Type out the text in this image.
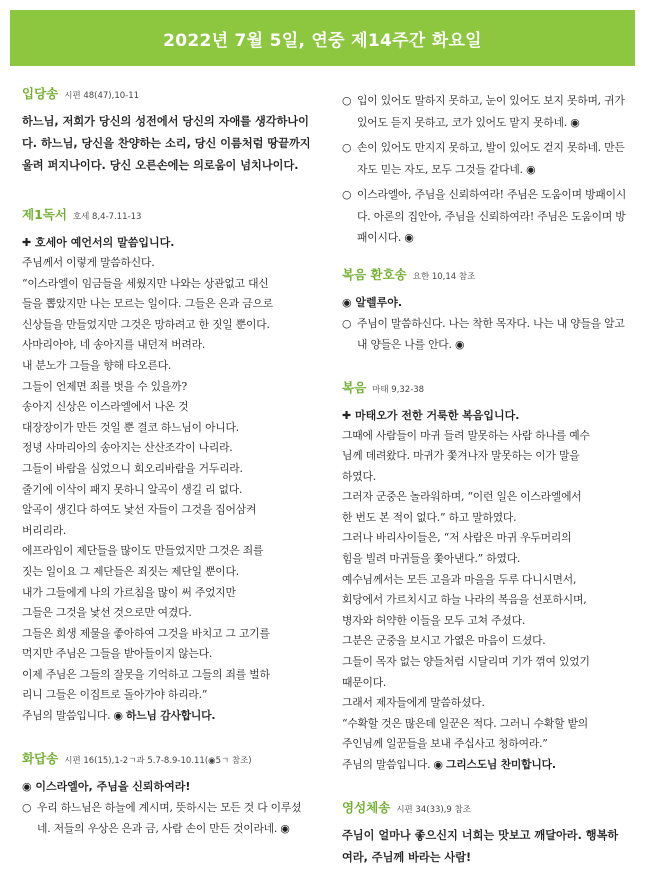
2022년 7월 5일, 연중 제14주간 화요일
입당송 시편 48(47),10-11
하느님, 저희가 당신의 성전에서 당신의 자애를 생각하나이다. 하느님, 당신을 찬양하는 소리, 당신 이름처럼 땅끝까지 울려 퍼지나이다. 당신 오른손에는 의로움이 넘치나이다.
제1독서 호세 8,4-7.11-13
✚ 호세아 예언서의 말씀입니다.
주님께서 이렇게 말씀하신다.
“이스라엘이 임금들을 세웠지만 나와는 상관없고 대신
들을 뽑았지만 나는 모르는 일이다. 그들은 은과 금으로
신상들을 만들었지만 그것은 망하려고 한 짓일 뿐이다.
사마리아야, 네 송아지를 내던져 버려라.
내 분노가 그들을 향해 타오른다.
그들이 언제면 죄를 벗을 수 있을까?
송아지 신상은 이스라엘에서 나온 것
대장장이가 만든 것일 뿐 결코 하느님이 아니다.
정녕 사마리아의 송아지는 산산조각이 나리라.
그들이 바람을 심었으니 회오리바람을 거두리라.
줄기에 이삭이 패지 못하니 알곡이 생길 리 없다.
알곡이 생긴다 하여도 낯선 자들이 그것을 집어삼켜
버리리라.
에프라임이 제단들을 많이도 만들었지만 그것은 죄를
짓는 일이요 그 제단들은 죄짓는 제단일 뿐이다.
내가 그들에게 나의 가르침을 많이 써 주었지만
그들은 그것을 낯선 것으로만 여겼다.
그들은 희생 제물을 좋아하여 그것을 바치고 그 고기를
먹지만 주님은 그들을 받아들이지 않는다.
이제 주님은 그들의 잘못을 기억하고 그들의 죄를 벌하
리니 그들은 이집트로 돌아가야 하리라.”
주님의 말씀입니다. ◉ 하느님 감사합니다.
화답송 시편 16(15),1-2ㄱ과 5.7-8.9-10.11(◉5ㄱ 참조)
◉ 이스라엘아, 주님을 신뢰하여라!
○ 우리 하느님은 하늘에 계시며, 뜻하시는 모든 것 다 이루셨네. 저들의 우상은 은과 금, 사람 손이 만든 것이라네. ◉
○ 입이 있어도 말하지 못하고, 눈이 있어도 보지 못하며, 귀가 있어도 듣지 못하고, 코가 있어도 맡지 못하네. ◉
○ 손이 있어도 만지지 못하고, 발이 있어도 걷지 못하네. 만든 자도 믿는 자도, 모두 그것들 같다네. ◉
○ 이스라엘아, 주님을 신뢰하여라! 주님은 도움이며 방패이시다. 아론의 집안아, 주님을 신뢰하여라! 주님은 도움이며 방패이시다. ◉
복음 환호송 요한 10,14 참조
◉ 알렐루야.
○ 주님이 말씀하신다. 나는 착한 목자다. 나는 내 양들을 알고 내 양들은 나를 안다. ◉
복음 마태 9,32-38
✚ 마태오가 전한 거룩한 복음입니다.
그때에 사람들이 마귀 들려 말못하는 사람 하나를 예수
님께 데려왔다. 마귀가 쫓겨나자 말못하는 이가 말을
하였다.
그러자 군중은 놀라워하며, “이런 일은 이스라엘에서
한 번도 본 적이 없다.” 하고 말하였다.
그러나 바리사이들은, “저 사람은 마귀 우두머리의
힘을 빌려 마귀들을 쫓아낸다.” 하였다.
예수님께서는 모든 고을과 마을을 두루 다니시면서,
회당에서 가르치시고 하늘 나라의 복음을 선포하시며,
병자와 허약한 이들을 모두 고쳐 주셨다.
그분은 군중을 보시고 가엾은 마음이 드셨다.
그들이 목자 없는 양들처럼 시달리며 기가 꺾여 있었기
때문이다.
그래서 제자들에게 말씀하셨다.
“수확할 것은 많은데 일꾼은 적다. 그러니 수확할 밭의
주인님께 일꾼들을 보내 주십사고 청하여라.”
주님의 말씀입니다. ◉ 그리스도님 찬미합니다.
영성체송 시편 34(33),9 참조
주님이 얼마나 좋으신지 너희는 맛보고 깨달아라. 행복하여라, 주님께 바라는 사람!
